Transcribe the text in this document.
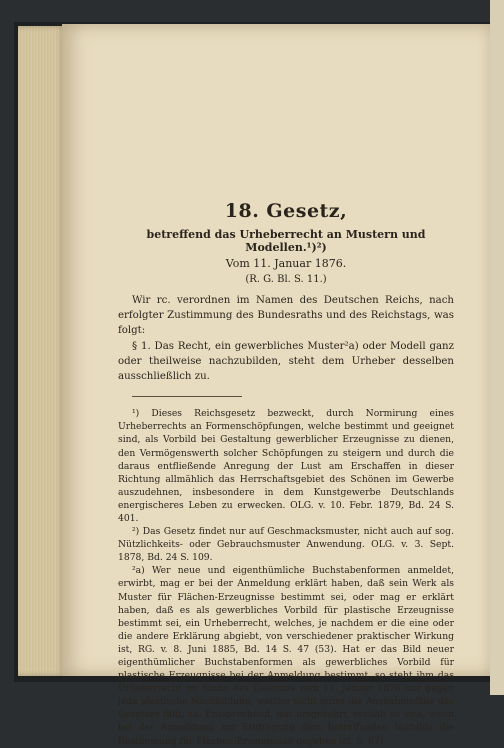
18. Gesetz,
betreffend das Urheberrecht an Mustern und Modellen.¹)²)
Vom 11. Januar 1876.
(R. G. Bl. S. 11.)

Wir rc. verordnen im Namen des Deutschen Reichs, nach erfolgter Zustimmung des Bundesraths und des Reichstags, was folgt:

§ 1. Das Recht, ein gewerbliches Muster²a) oder Modell ganz oder theilweise nachzubilden, steht dem Urheber desselben ausschließlich zu.

¹) Dieses Reichsgesetz bezweckt, durch Normirung eines Urheberrechts an Formenschöpfungen, welche bestimmt und geeignet sind, als Vorbild bei Gestaltung gewerblicher Erzeugnisse zu dienen, den Vermögenswerth solcher Schöpfungen zu steigern und durch die daraus entfließende Anregung der Lust am Erschaffen in dieser Richtung allmählich das Herrschaftsgebiet des Schönen im Gewerbe auszudehnen, insbesondere in dem Kunstgewerbe Deutschlands energischeres Leben zu erwecken. OLG. v. 10. Febr. 1879, Bd. 24 S. 401.

²) Das Gesetz findet nur auf Geschmacksmuster, nicht auch auf sog. Nützlichkeits- oder Gebrauchsmuster Anwendung. OLG. v. 3. Sept. 1878, Bd. 24 S. 109.

²a) Wer neue und eigenthümliche Buchstabenformen anmeldet, erwirbt, mag er bei der Anmeldung erklärt haben, daß sein Werk als Muster für Flächen-Erzeugnisse bestimmt sei, oder mag er erklärt haben, daß es als gewerbliches Vorbild für plastische Erzeugnisse bestimmt sei, ein Urheberrecht, welches, je nachdem er die eine oder die andere Erklärung abgiebt, von verschiedener praktischer Wirkung ist, RG. v. 8. Juni 1885, Bd. 14 S. 47 (53). Hat er das Bild neuer eigenthümlicher Buchstabenformen als gewerbliches Vorbild für plastische Erzeugnisse bei der Anmeldung bestimmt, so steht ihm das Urheberrecht im Sinne des Gesetzes vom 11. Januar 1876 nur gegen jede plastische Nachbildung, welche nicht unter die Ausnahmefälle des Gesetzes fällt, zu. Entsprechend, nur umgekehrt, verhält es sich, wenn bei der Anmeldung zur Eintragung dem betreffenden Vorbilde die Bestimmung für Flächen-Erzeugnisse gegeben ist. S. 67).
